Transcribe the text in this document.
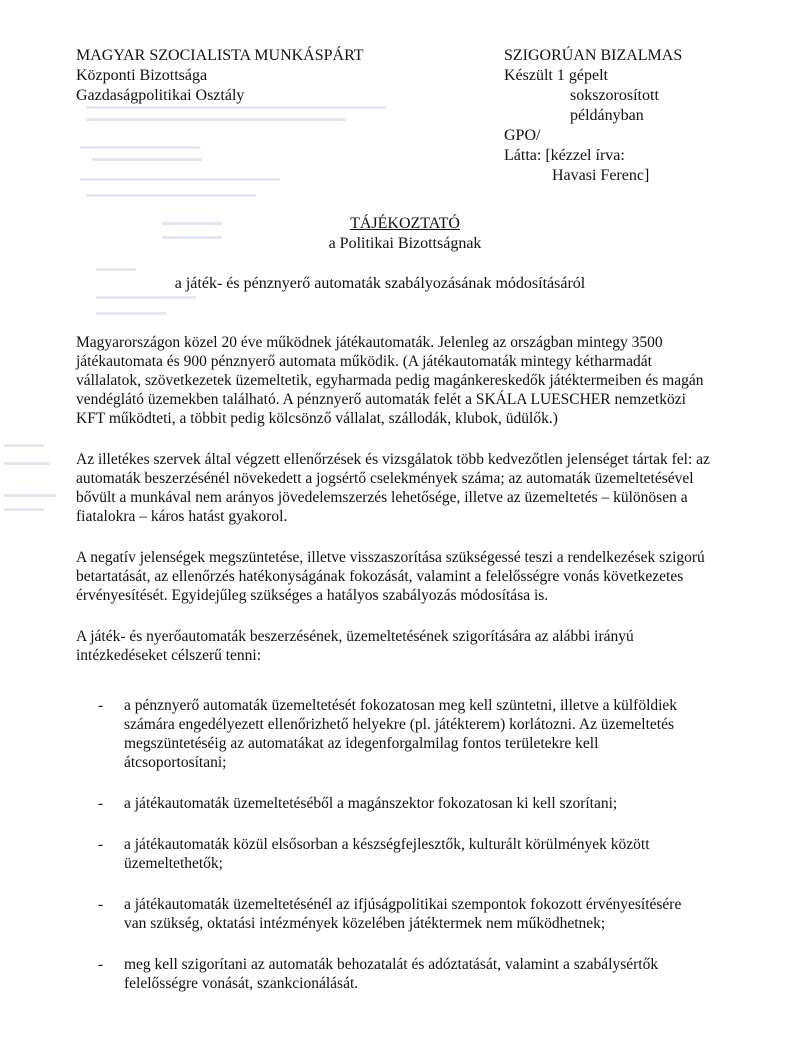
MAGYAR SZOCIALISTA MUNKÁSPÁRT
Központi Bizottsága
Gazdaságpolitikai Osztály
SZIGORÚAN BIZALMAS
Készült 1 gépelt
sokszorosított
példányban
GPO/
Látta: [kézzel írva:
Havasi Ferenc]
TÁJÉKOZTATÓ
a Politikai Bizottságnak
a játék- és pénznyerő automaták szabályozásának módosításáról

Magyarországon közel 20 éve működnek játékautomaták. Jelenleg az országban mintegy 3500 játékautomata és 900 pénznyerő automata működik. (A játékautomaták mintegy kétharmadát vállalatok, szövetkezetek üzemeltetik, egyharmada pedig magánkereskedők játéktermeiben és magán vendéglátó üzemekben található. A pénznyerő automaták felét a SKÁLA LUESCHER nemzetközi KFT működteti, a többit pedig kölcsönző vállalat, szállodák, klubok, üdülők.)

Az illetékes szervek által végzett ellenőrzések és vizsgálatok több kedvezőtlen jelenséget tártak fel: az automaták beszerzésénél növekedett a jogsértő cselekmények száma; az automaták üzemeltetésével bővült a munkával nem arányos jövedelemszerzés lehetősége, illetve az üzemeltetés – különösen a fiatalokra – káros hatást gyakorol.

A negatív jelenségek megszüntetése, illetve visszaszorítása szükségessé teszi a rendelkezések szigorú betartatását, az ellenőrzés hatékonyságának fokozását, valamint a felelősségre vonás következetes érvényesítését. Egyidejűleg szükséges a hatályos szabályozás módosítása is.

A játék- és nyerőautomaták beszerzésének, üzemeltetésének szigorítására az alábbi irányú intézkedéseket célszerű tenni:

-	a pénznyerő automaták üzemeltetését fokozatosan meg kell szüntetni, illetve a külföldiek számára engedélyezett ellenőrizhető helyekre (pl. játékterem) korlátozni. Az üzemeltetés megszüntetéséig az automatákat az idegenforgalmilag fontos területekre kell átcsoportosítani;
-	a játékautomaták üzemeltetéséből a magánszektor fokozatosan ki kell szorítani;
-	a játékautomaták közül elsősorban a készségfejlesztők, kulturált körülmények között üzemeltethetők;
-	a játékautomaták üzemeltetésénél az ifjúságpolitikai szempontok fokozott érvényesítésére van szükség, oktatási intézmények közelében játéktermek nem működhetnek;
-	meg kell szigorítani az automaták behozatalát és adóztatását, valamint a szabálysértők felelősségre vonását, szankcionálását.
